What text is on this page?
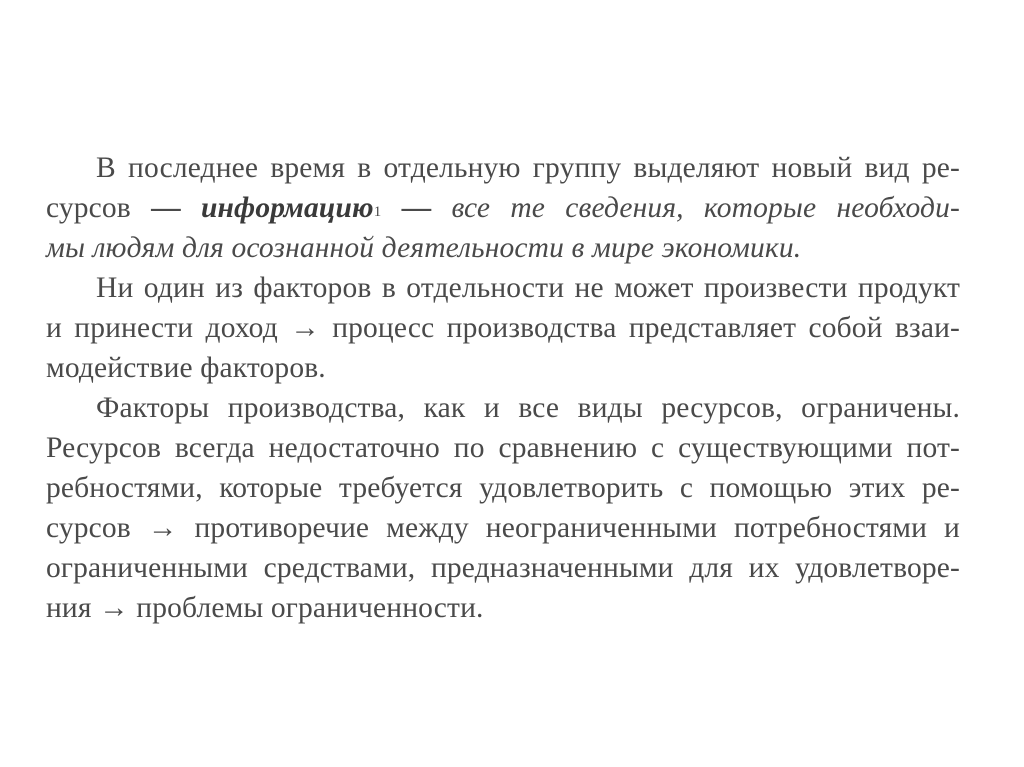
В последнее время в отдельную группу выделяют новый вид ре-
сурсов — информацию$^1$ — все те сведения, которые необходи-
мы людям для осознанной деятельности в мире экономики.
Ни один из факторов в отдельности не может произвести продукт
и принести доход → процесс производства представляет собой взаи-
модействие факторов.
Факторы производства, как и все виды ресурсов, ограничены.
Ресурсов всегда недостаточно по сравнению с существующими пот-
ребностями, которые требуется удовлетворить с помощью этих ре-
сурсов → противоречие между неограниченными потребностями и
ограниченными средствами, предназначенными для их удовлетворе-
ния → проблемы ограниченности.
